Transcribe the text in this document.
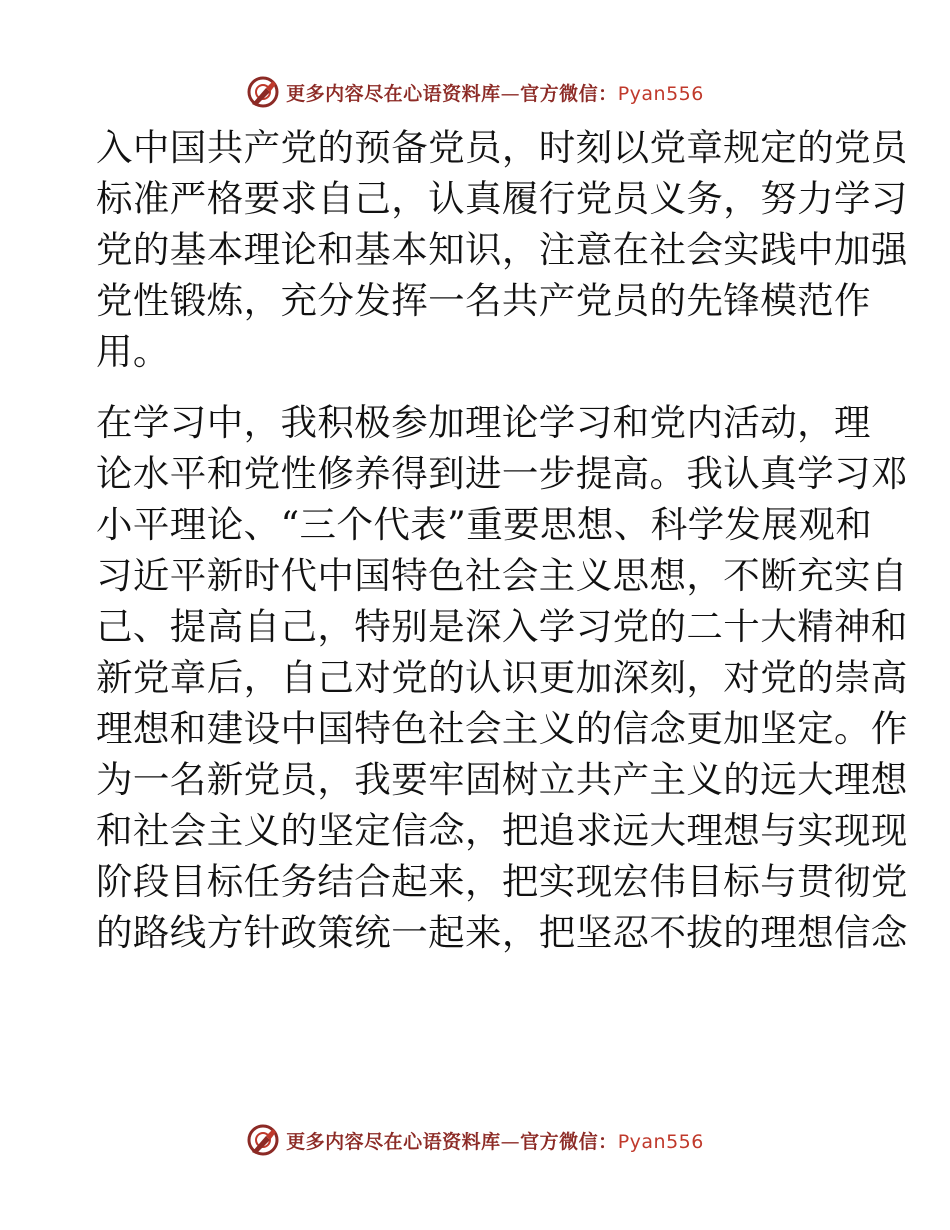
更多内容尽在心语资料库—官方微信：Pyan556

入中国共产党的预备党员，时刻以党章规定的党员
标准严格要求自己，认真履行党员义务，努力学习
党的基本理论和基本知识，注意在社会实践中加强
党性锻炼，充分发挥一名共产党员的先锋模范作
用。

在学习中，我积极参加理论学习和党内活动，理
论水平和党性修养得到进一步提高。我认真学习邓
小平理论、“三个代表”重要思想、科学发展观和
习近平新时代中国特色社会主义思想，不断充实自
己、提高自己，特别是深入学习党的二十大精神和
新党章后，自己对党的认识更加深刻，对党的崇高
理想和建设中国特色社会主义的信念更加坚定。作
为一名新党员，我要牢固树立共产主义的远大理想
和社会主义的坚定信念，把追求远大理想与实现现
阶段目标任务结合起来，把实现宏伟目标与贯彻党
的路线方针政策统一起来，把坚忍不拔的理想信念

更多内容尽在心语资料库—官方微信：Pyan556
